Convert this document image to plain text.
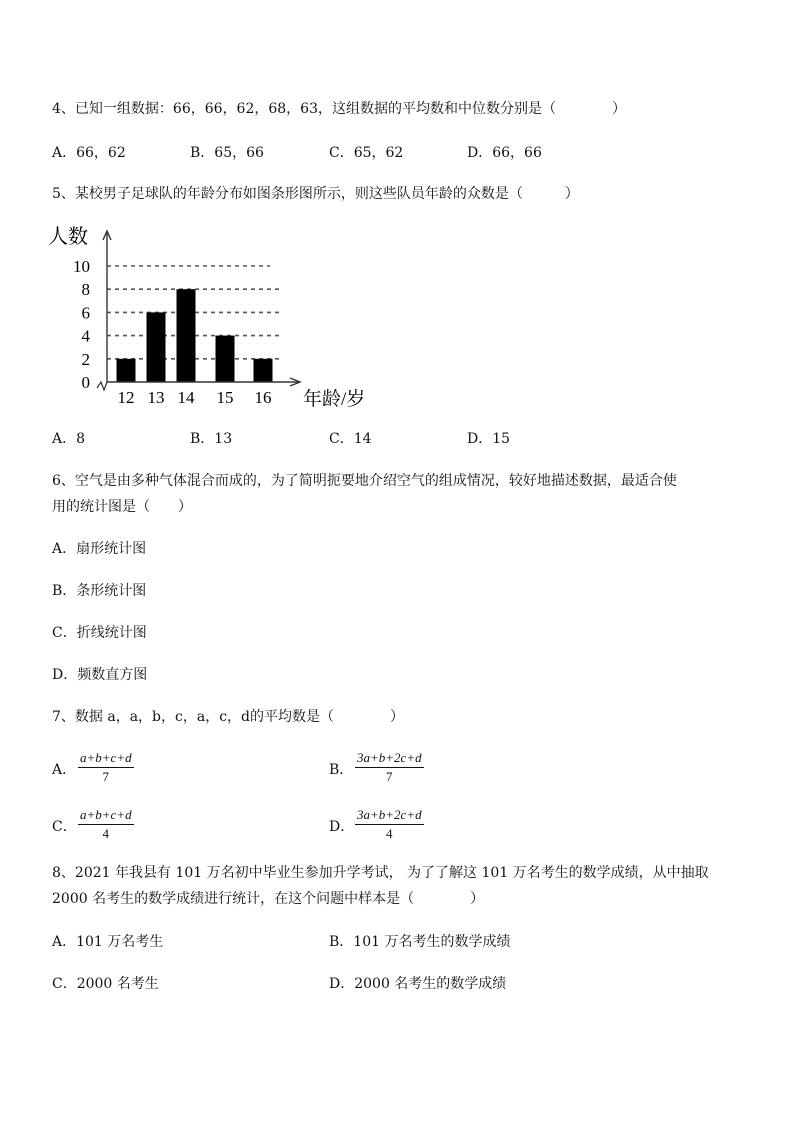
4、已知一组数据：66，66，62，68，63，这组数据的平均数和中位数分别是（　　　　）
A．66，62	B．65，66	C．65，62	D．66，66
5、某校男子足球队的年龄分布如图条形图所示，则这些队员年龄的众数是（　　　）
0
2
4
6
8
10
12 13 14 15 16
人数
年龄/岁
A．8	B．13	C．14	D．15
6、空气是由多种气体混合而成的，为了简明扼要地介绍空气的组成情况，较好地描述数据，最适合使
用的统计图是（　　）
A．扇形统计图
B．条形统计图
C．折线统计图
D．频数直方图
7、数据 a，a，b，c，a，c，d的平均数是（　　　　）
A． $\frac{a+b+c+d}{7}$	B． $\frac{3a+b+2c+d}{7}$
C． $\frac{a+b+c+d}{4}$	D． $\frac{3a+b+2c+d}{4}$
8、2021 年我县有 101 万名初中毕业生参加升学考试， 为了了解这 101 万名考生的数学成绩，从中抽取
2000 名考生的数学成绩进行统计，在这个问题中样本是（　　　　）
A．101 万名考生	B．101 万名考生的数学成绩
C．2000 名考生	D．2000 名考生的数学成绩
